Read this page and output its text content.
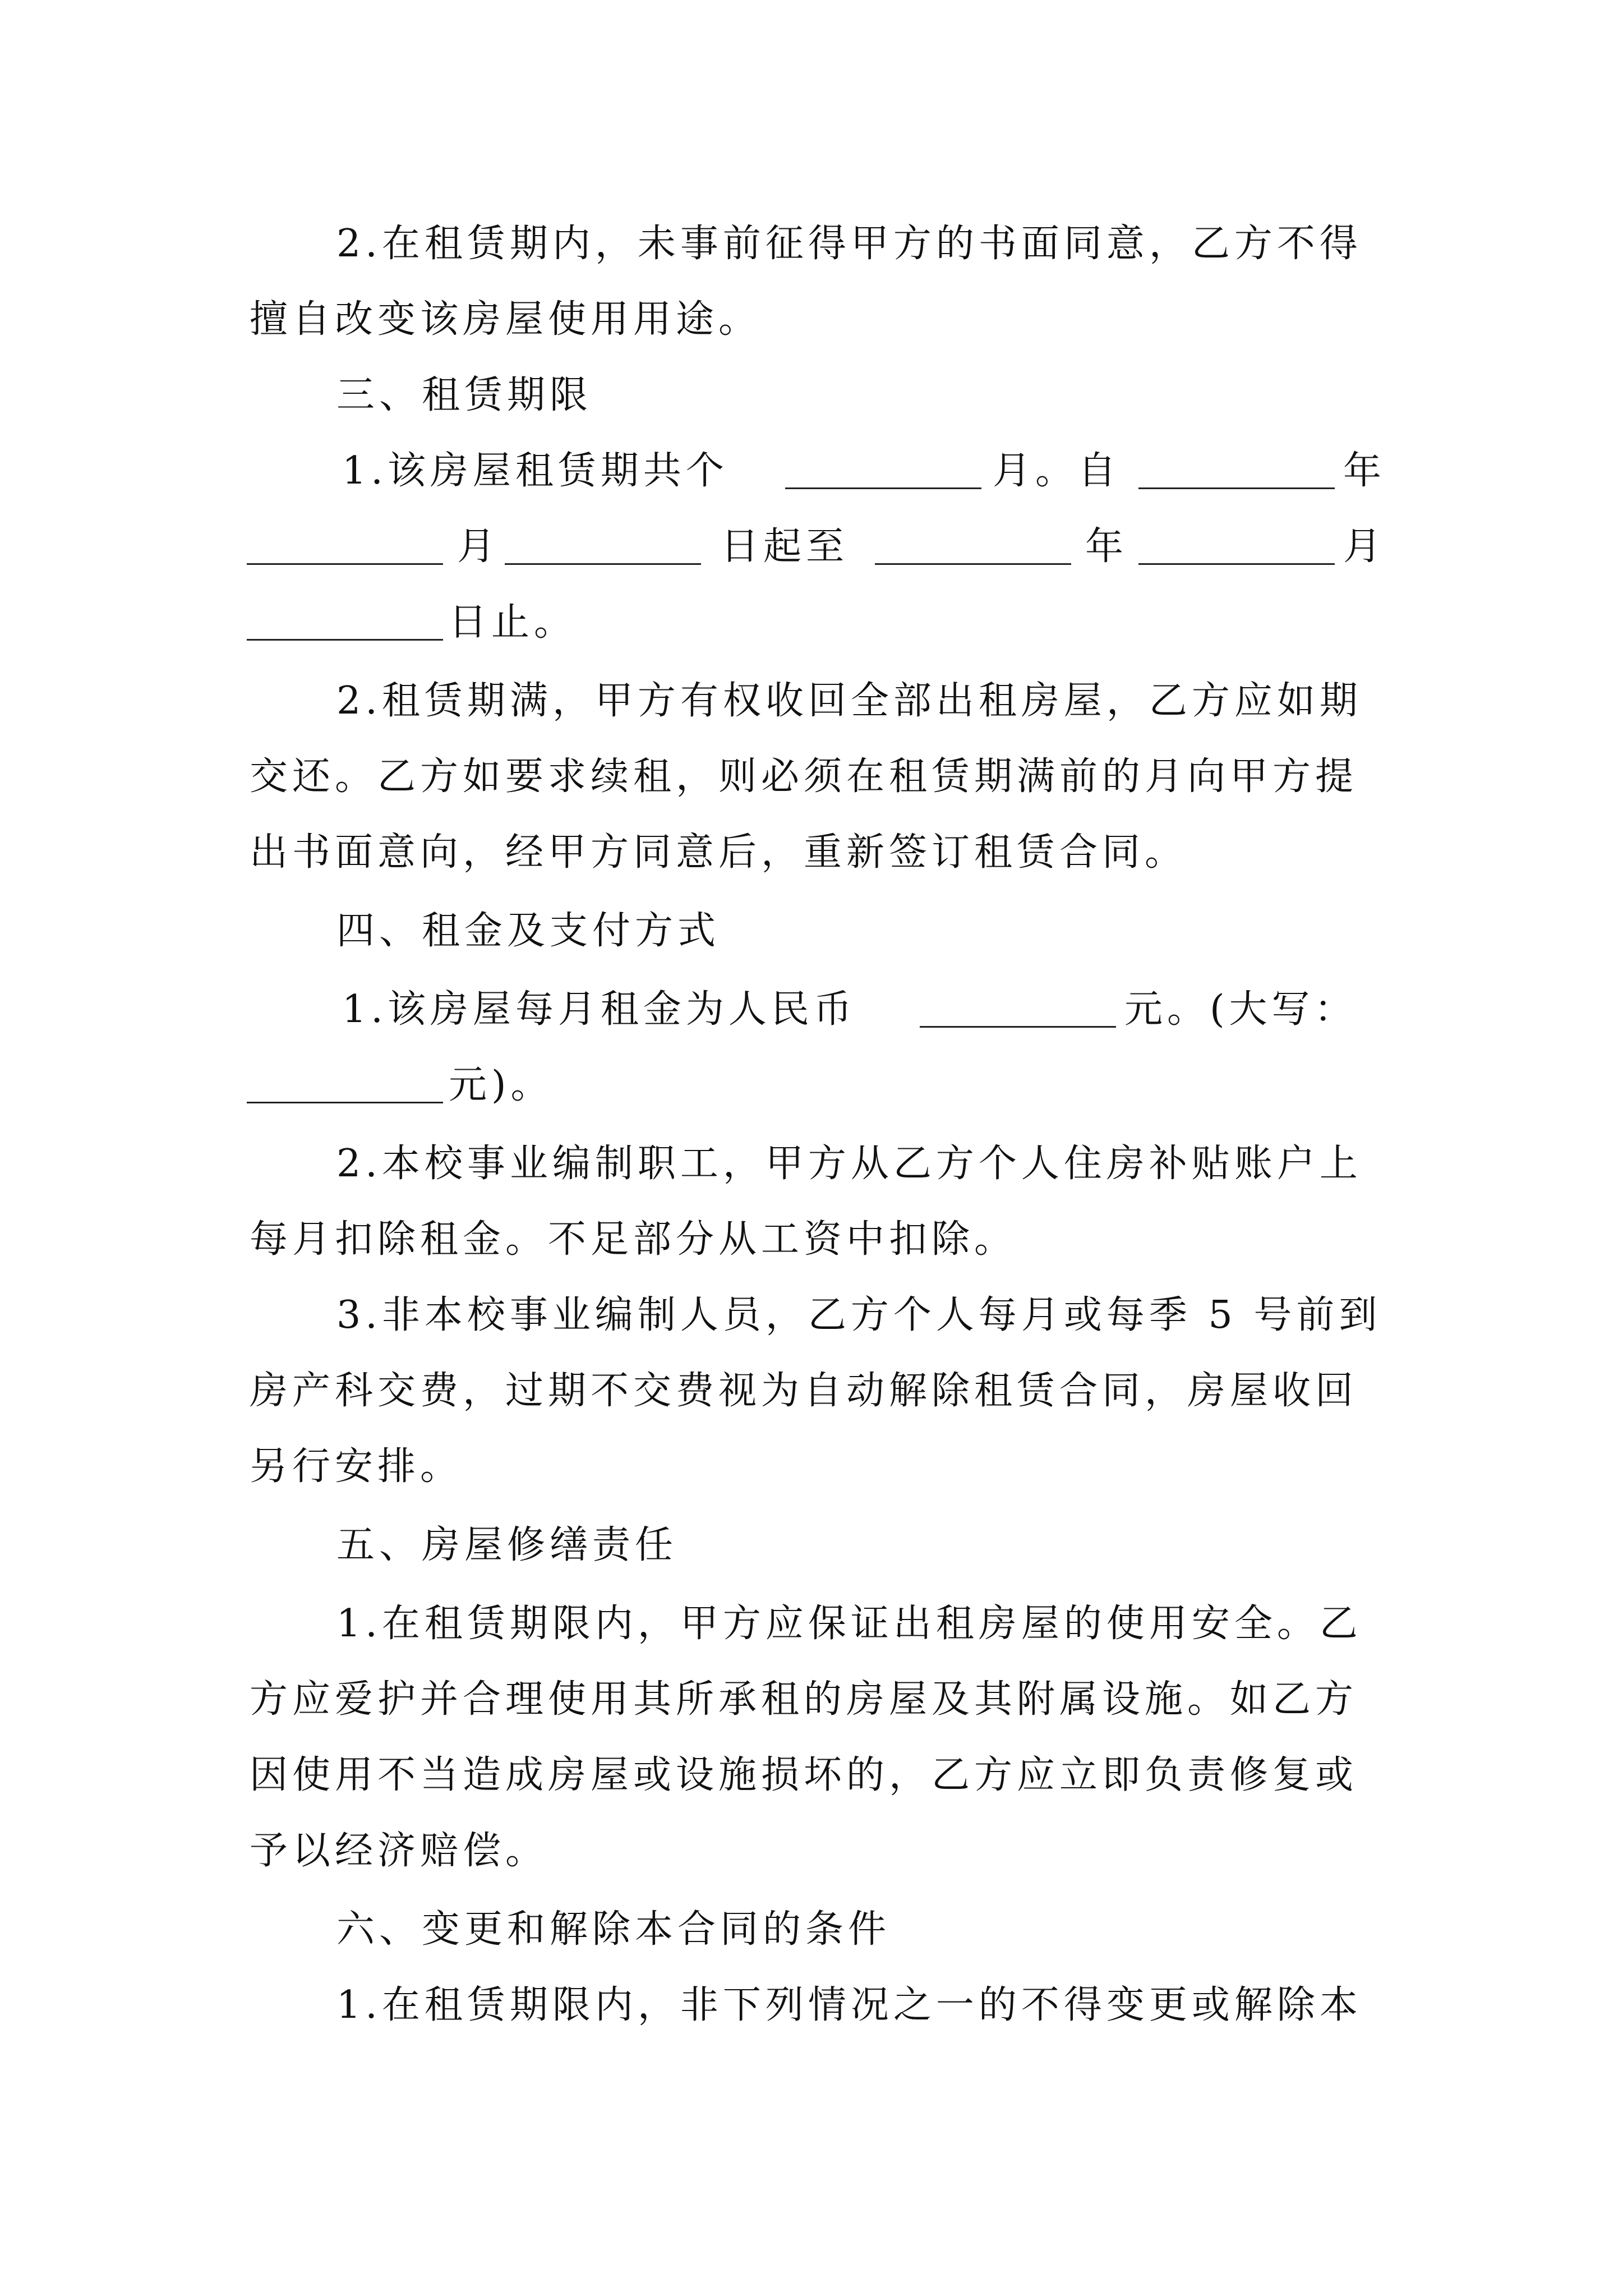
2.在租赁期内，未事前征得甲方的书面同意，乙方不得
擅自改变该房屋使用用途。
三、租赁期限
1.该房屋租赁期共个	月。自	年
月	日起至	年	月
日止。
2.租赁期满，甲方有权收回全部出租房屋，乙方应如期
交还。乙方如要求续租，则必须在租赁期满前的月向甲方提
出书面意向，经甲方同意后，重新签订租赁合同。
四、租金及支付方式
1.该房屋每月租金为人民币	元。(大写：
元)。
2.本校事业编制职工，甲方从乙方个人住房补贴账户上
每月扣除租金。不足部分从工资中扣除。
3.非本校事业编制人员，乙方个人每月或每季 5 号前到
房产科交费，过期不交费视为自动解除租赁合同，房屋收回
另行安排。
五、房屋修缮责任
1.在租赁期限内，甲方应保证出租房屋的使用安全。乙
方应爱护并合理使用其所承租的房屋及其附属设施。如乙方
因使用不当造成房屋或设施损坏的，乙方应立即负责修复或
予以经济赔偿。
六、变更和解除本合同的条件
1.在租赁期限内，非下列情况之一的不得变更或解除本
